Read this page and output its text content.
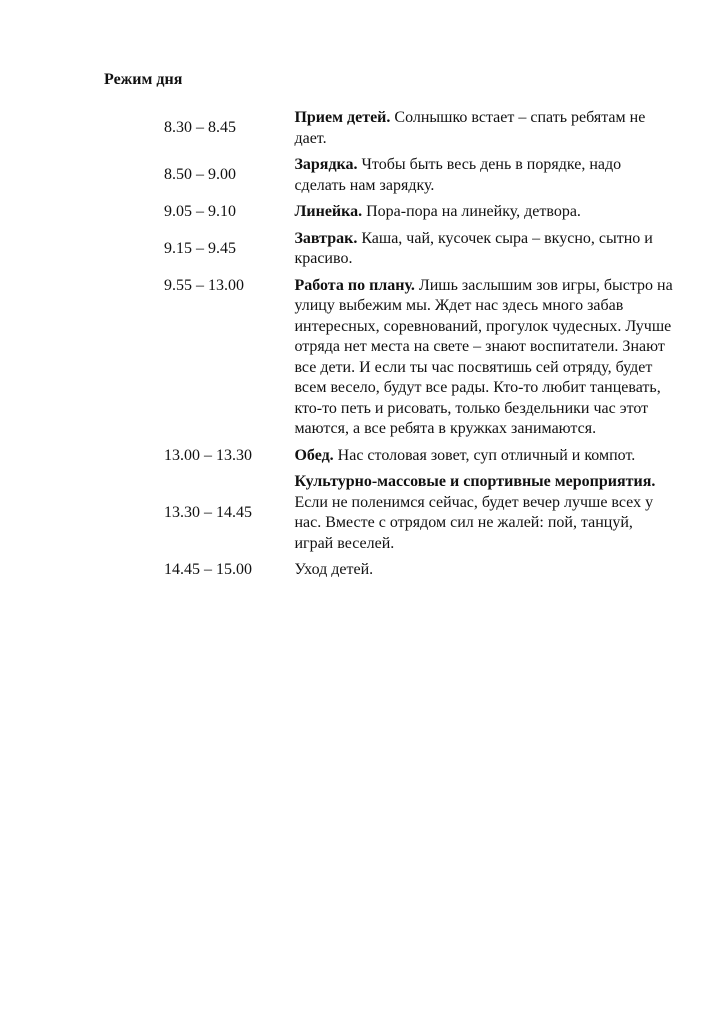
Режим дня
8.30 – 8.45	Прием детей. Солнышко встает – спать ребятам не дает.

8.50 – 9.00	Зарядка. Чтобы быть весь день в порядке, надо сделать нам зарядку.

9.05 – 9.10	Линейка. Пора-пора на линейку, детвора.

9.15 – 9.45	Завтрак. Каша, чай, кусочек сыра – вкусно, сытно и красиво.

9.55 – 13.00	Работа по плану. Лишь заслышим зов игры, быстро на улицу выбежим мы. Ждет нас здесь много забав интересных, соревнований, прогулок чудесных. Лучше отряда нет места на свете – знают воспитатели. Знают все дети. И если ты час посвятишь сей отряду, будет всем весело, будут все рады. Кто-то любит танцевать, кто-то петь и рисовать, только бездельники час этот маются, а все ребята в кружках занимаются.

13.00 – 13.30	Обед. Нас столовая зовет, суп отличный и компот.

13.30 – 14.45	Культурно-массовые и спортивные мероприятия. Если не поленимся сейчас, будет вечер лучше всех у нас. Вместе с отрядом сил не жалей: пой, танцуй, играй веселей.

14.45 – 15.00	Уход детей.
